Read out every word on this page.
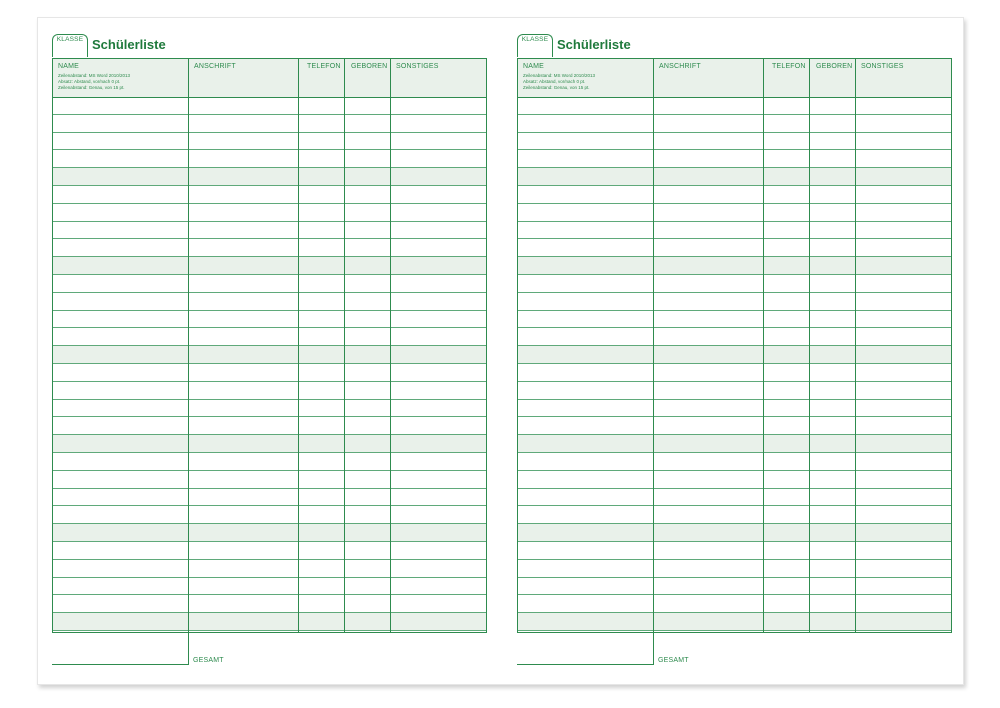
KLASSE Schülerliste
NAME
Zeilenabstand: MS Word 2010/2013
Absatz: Abstand, vor/nach 0 pt.
Zeilenabstand: Genau, von 15 pt.
ANSCHRIFT	TELEFON GEBOREN SONSTIGES
GESAMT
KLASSE Schülerliste
NAME
Zeilenabstand: MS Word 2010/2013
Absatz: Abstand, vor/nach 0 pt.
Zeilenabstand: Genau, von 15 pt.
ANSCHRIFT	TELEFON GEBOREN SONSTIGES
GESAMT
